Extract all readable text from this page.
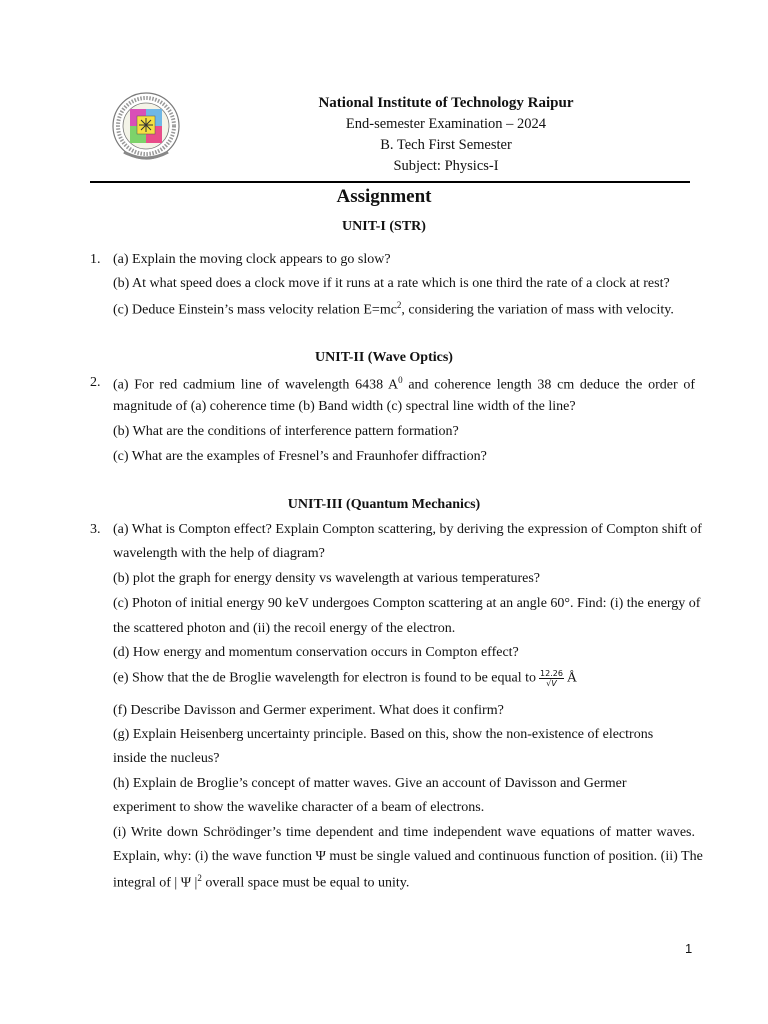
National Institute of Technology Raipur
End-semester Examination – 2024
B. Tech First Semester
Subject: Physics-I
Assignment
UNIT-I (STR)
1. (a) Explain the moving clock appears to go slow?
(b) At what speed does a clock move if it runs at a rate which is one third the rate of a clock at rest?
(c) Deduce Einstein’s mass velocity relation $E=mc^2$, considering the variation of mass with velocity.
UNIT-II (Wave Optics)
2. (a) For red cadmium line of wavelength 6438 $A^0$ and coherence length 38 cm deduce the order of
magnitude of (a) coherence time (b) Band width (c) spectral line width of the line?
(b) What are the conditions of interference pattern formation?
(c) What are the examples of Fresnel’s and Fraunhofer diffraction?
UNIT-III (Quantum Mechanics)
3. (a) What is Compton effect? Explain Compton scattering, by deriving the expression of Compton shift of
wavelength with the help of diagram?
(b) plot the graph for energy density vs wavelength at various temperatures?
(c) Photon of initial energy 90 keV undergoes Compton scattering at an angle 60°. Find: (i) the energy of
the scattered photon and (ii) the recoil energy of the electron.
(d) How energy and momentum conservation occurs in Compton effect?
(e) Show that the de Broglie wavelength for electron is found to be equal to $\frac{12.26}{√V}$ Å
(f) Describe Davisson and Germer experiment. What does it confirm?
(g) Explain Heisenberg uncertainty principle. Based on this, show the non-existence of electrons
inside the nucleus?
(h) Explain de Broglie’s concept of matter waves. Give an account of Davisson and Germer
experiment to show the wavelike character of a beam of electrons.
(i) Write down Schrödinger’s time dependent and time independent wave equations of matter waves.
Explain, why: (i) the wave function Ψ must be single valued and continuous function of position. (ii) The
integral of | Ψ $|^2$ overall space must be equal to unity.
1
